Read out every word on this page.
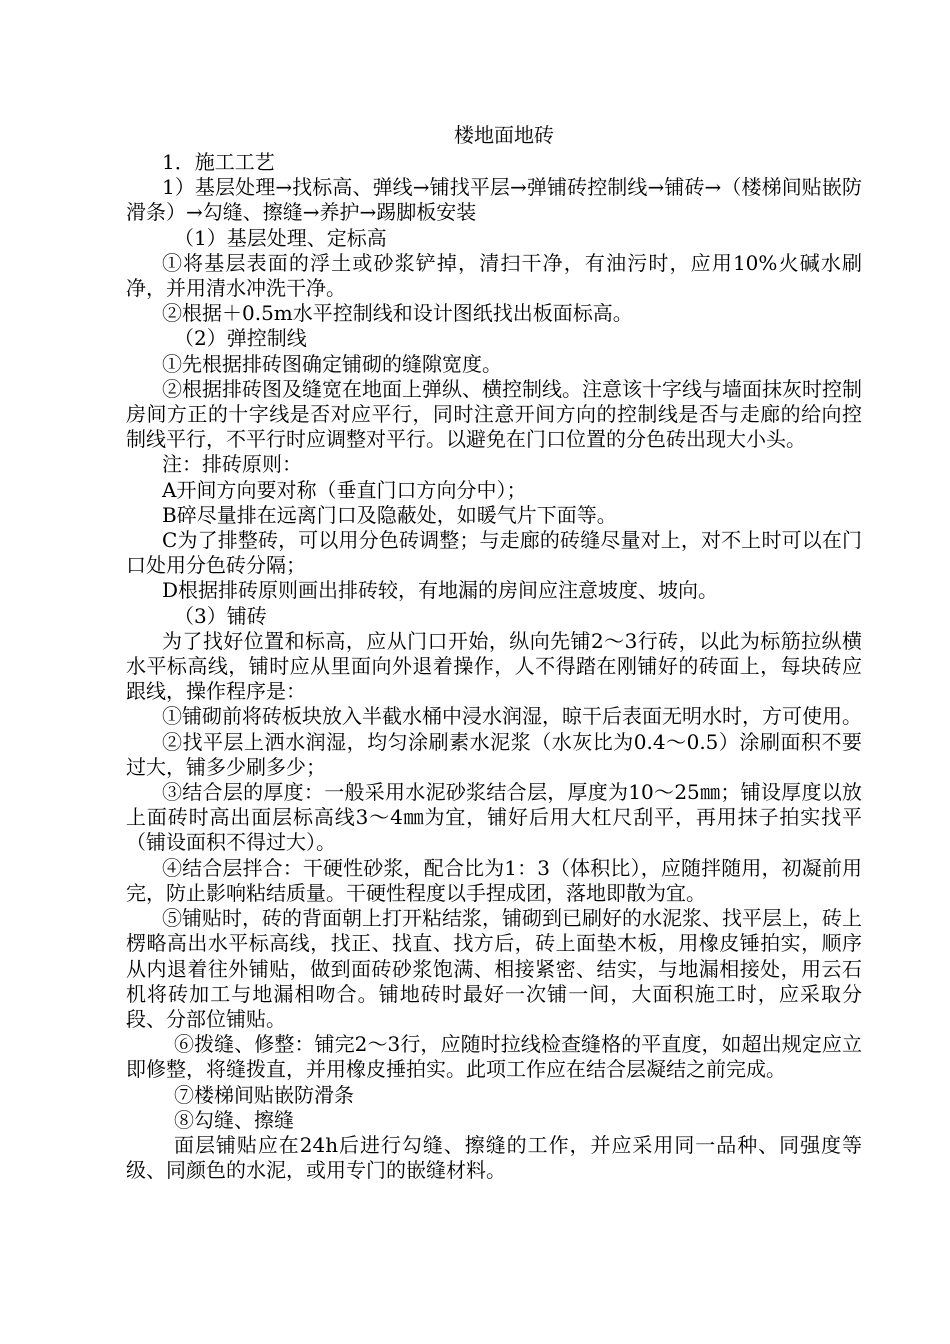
楼地面地砖

1．施工工艺

1）基层处理→找标高、弹线→铺找平层→弹铺砖控制线→铺砖→（楼梯间贴嵌防滑条）→勾缝、擦缝→养护→踢脚板安装

（1）基层处理、定标高

①将基层表面的浮土或砂浆铲掉，清扫干净，有油污时，应用10%火碱水刷净，并用清水冲洗干净。

②根据＋0.5m水平控制线和设计图纸找出板面标高。

（2）弹控制线

①先根据排砖图确定铺砌的缝隙宽度。

②根据排砖图及缝宽在地面上弹纵、横控制线。注意该十字线与墙面抹灰时控制房间方正的十字线是否对应平行，同时注意开间方向的控制线是否与走廊的给向控制线平行，不平行时应调整对平行。以避免在门口位置的分色砖出现大小头。

注：排砖原则：

A开间方向要对称（垂直门口方向分中）；

B碎尽量排在远离门口及隐蔽处，如暖气片下面等。

C为了排整砖，可以用分色砖调整；与走廊的砖缝尽量对上，对不上时可以在门口处用分色砖分隔；

D根据排砖原则画出排砖较，有地漏的房间应注意坡度、坡向。

（3）铺砖

为了找好位置和标高，应从门口开始，纵向先铺2～3行砖，以此为标筋拉纵横水平标高线，铺时应从里面向外退着操作，人不得踏在刚铺好的砖面上，每块砖应跟线，操作程序是：

①铺砌前将砖板块放入半截水桶中浸水润湿，晾干后表面无明水时，方可使用。

②找平层上洒水润湿，均匀涂刷素水泥浆（水灰比为0.4～0.5）涂刷面积不要过大，铺多少刷多少；

③结合层的厚度：一般采用水泥砂浆结合层，厚度为10～25㎜；铺设厚度以放上面砖时高出面层标高线3～4㎜为宜，铺好后用大杠尺刮平，再用抹子拍实找平（铺设面积不得过大）。

④结合层拌合：干硬性砂浆，配合比为1：3（体积比），应随拌随用，初凝前用完，防止影响粘结质量。干硬性程度以手捏成团，落地即散为宜。

⑤铺贴时，砖的背面朝上打开粘结浆，铺砌到已刷好的水泥浆、找平层上，砖上楞略高出水平标高线，找正、找直、找方后，砖上面垫木板，用橡皮锤拍实，顺序从内退着往外铺贴，做到面砖砂浆饱满、相接紧密、结实，与地漏相接处，用云石机将砖加工与地漏相吻合。铺地砖时最好一次铺一间，大面积施工时，应采取分段、分部位铺贴。

⑥拨缝、修整：铺完2～3行，应随时拉线检查缝格的平直度，如超出规定应立即修整，将缝拨直，并用橡皮捶拍实。此项工作应在结合层凝结之前完成。

⑦楼梯间贴嵌防滑条

⑧勾缝、擦缝

面层铺贴应在24h后进行勾缝、擦缝的工作，并应采用同一品种、同强度等级、同颜色的水泥，或用专门的嵌缝材料。
